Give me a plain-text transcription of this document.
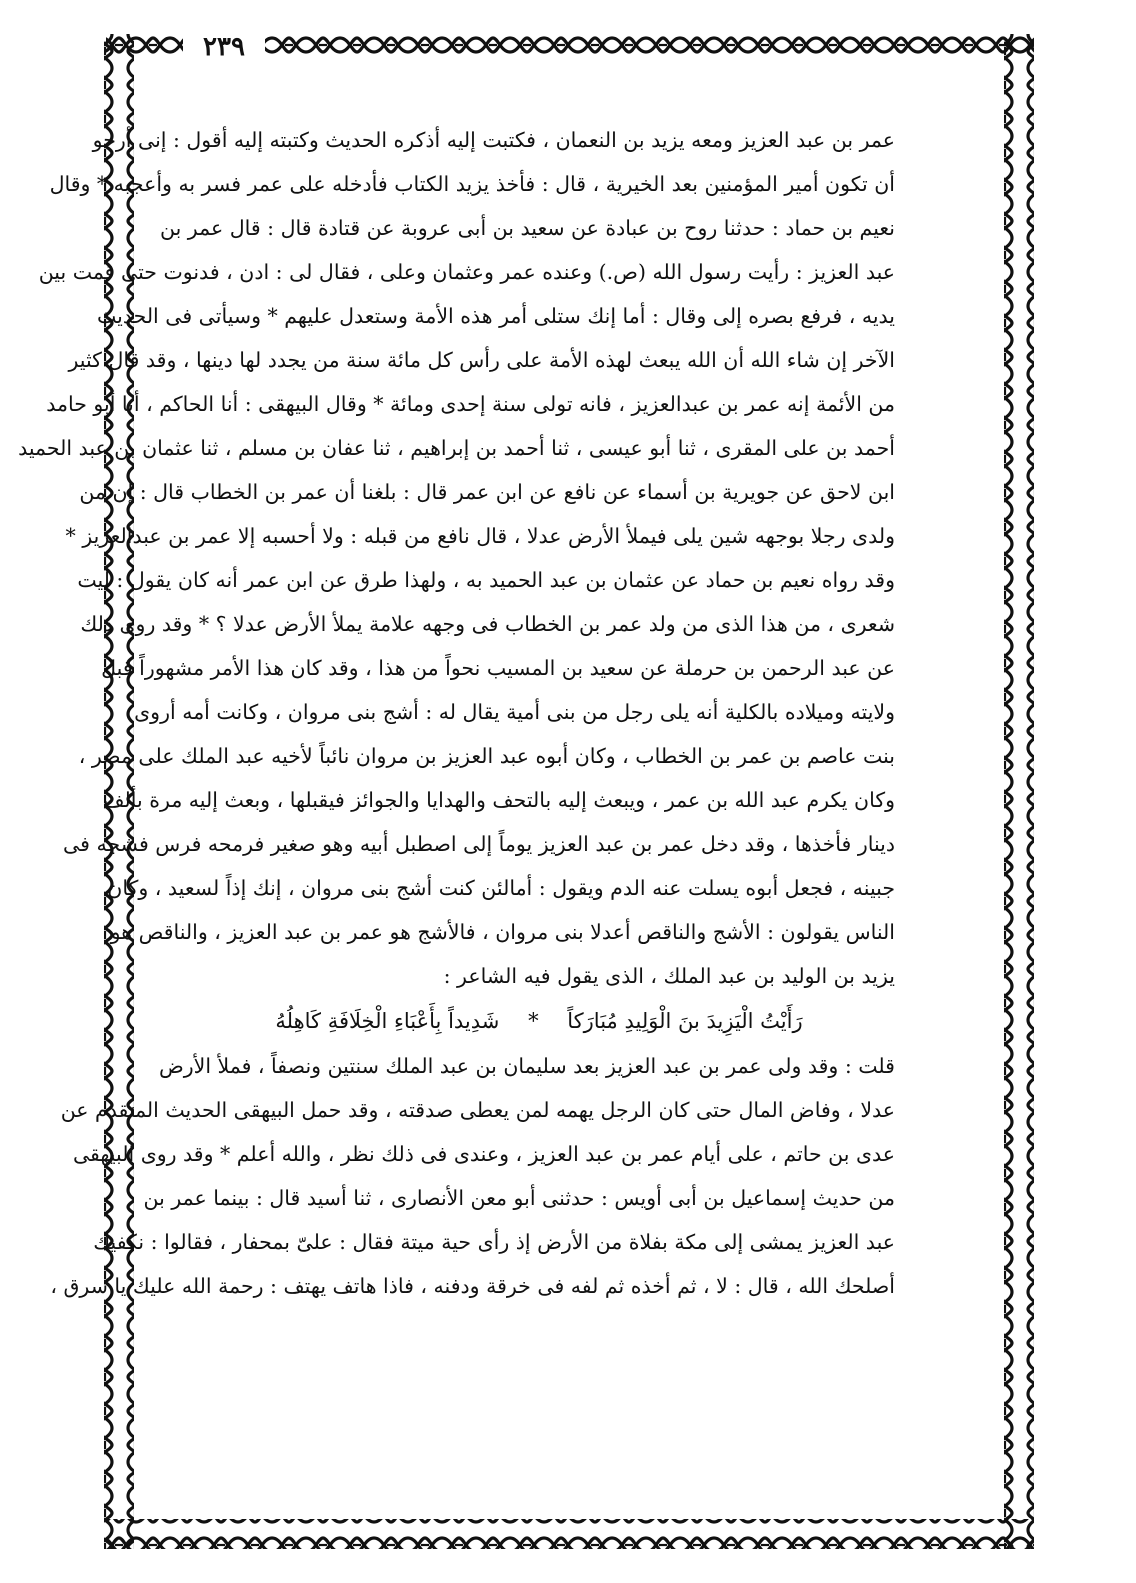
٢٣٩
عمر بن عبد العزيز ومعه يزيد بن النعمان ، فكتبت إليه أذكره الحديث وكتبته إليه أقول : إنى أرجو
أن تكون أمير المؤمنين بعد الخيرية ، قال : فأخذ يزيد الكتاب فأدخله على عمر فسر به وأعجبه * وقال
نعيم بن حماد : حدثنا روح بن عبادة عن سعيد بن أبى عروبة عن قتادة قال : قال عمر بن
عبد العزيز : رأيت رسول الله (ص.) وعنده عمر وعثمان وعلى ، فقال لى : ادن ، فدنوت حتى قمت بين
يديه ، فرفع بصره إلى وقال : أما إنك ستلى أمر هذه الأمة وستعدل عليهم * وسيأتى فى الحديث
الآخر إن شاء الله أن الله يبعث لهذه الأمة على رأس كل مائة سنة من يجدد لها دينها ، وقد قال كثير
من الأئمة إنه عمر بن عبدالعزيز ، فانه تولى سنة إحدى ومائة * وقال البيهقى : أنا الحاكم ، أنا أبو حامد
أحمد بن على المقرى ، ثنا أبو عيسى ، ثنا أحمد بن إبراهيم ، ثنا عفان بن مسلم ، ثنا عثمان بن عبد الحميد
ابن لاحق عن جويرية بن أسماء عن نافع عن ابن عمر قال : بلغنا أن عمر بن الخطاب قال : إن من
ولدى رجلا بوجهه شين يلى فيملأ الأرض عدلا ، قال نافع من قبله : ولا أحسبه إلا عمر بن عبدالعزيز *
وقد رواه نعيم بن حماد عن عثمان بن عبد الحميد به ، ولهذا طرق عن ابن عمر أنه كان يقول : ليت
شعرى ، من هذا الذى من ولد عمر بن الخطاب فى وجهه علامة يملأ الأرض عدلا ؟ * وقد روى ذلك
عن عبد الرحمن بن حرملة عن سعيد بن المسيب نحواً من هذا ، وقد كان هذا الأمر مشهوراً قبل
ولايته وميلاده بالكلية أنه يلى رجل من بنى أمية يقال له : أشج بنى مروان ، وكانت أمه أروى
بنت عاصم بن عمر بن الخطاب ، وكان أبوه عبد العزيز بن مروان نائباً لأخيه عبد الملك على مصر ،
وكان يكرم عبد الله بن عمر ، ويبعث إليه بالتحف والهدايا والجوائز فيقبلها ، وبعث إليه مرة بألف
دينار فأخذها ، وقد دخل عمر بن عبد العزيز يوماً إلى اصطبل أبيه وهو صغير فرمحه فرس فشجه فى
جبينه ، فجعل أبوه يسلت عنه الدم ويقول : أمالئن كنت أشج بنى مروان ، إنك إذاً لسعيد ، وكان
الناس يقولون : الأشج والناقص أعدلا بنى مروان ، فالأشج هو عمر بن عبد العزيز ، والناقص هو
يزيد بن الوليد بن عبد الملك ، الذى يقول فيه الشاعر :
رَأَيْتُ الْيَزِيدَ بنَ الْوَلِيدِ مُبَارَكاً * شَدِيداً بِأَعْبَاءِ الْخِلَافَةِ كَاهِلُهُ
قلت : وقد ولى عمر بن عبد العزيز بعد سليمان بن عبد الملك سنتين ونصفاً ، فملأ الأرض
عدلا ، وفاض المال حتى كان الرجل يهمه لمن يعطى صدقته ، وقد حمل البيهقى الحديث المتقدم عن
عدى بن حاتم ، على أيام عمر بن عبد العزيز ، وعندى فى ذلك نظر ، والله أعلم * وقد روى البيهقى
من حديث إسماعيل بن أبى أويس : حدثنى أبو معن الأنصارى ، ثنا أسيد قال : بينما عمر بن
عبد العزيز يمشى إلى مكة بفلاة من الأرض إذ رأى حية ميتة فقال : علىّ بمحفار ، فقالوا : نكفيك
أصلحك الله ، قال : لا ، ثم أخذه ثم لفه فى خرقة ودفنه ، فاذا هاتف يهتف : رحمة الله عليك يا سرق ،
